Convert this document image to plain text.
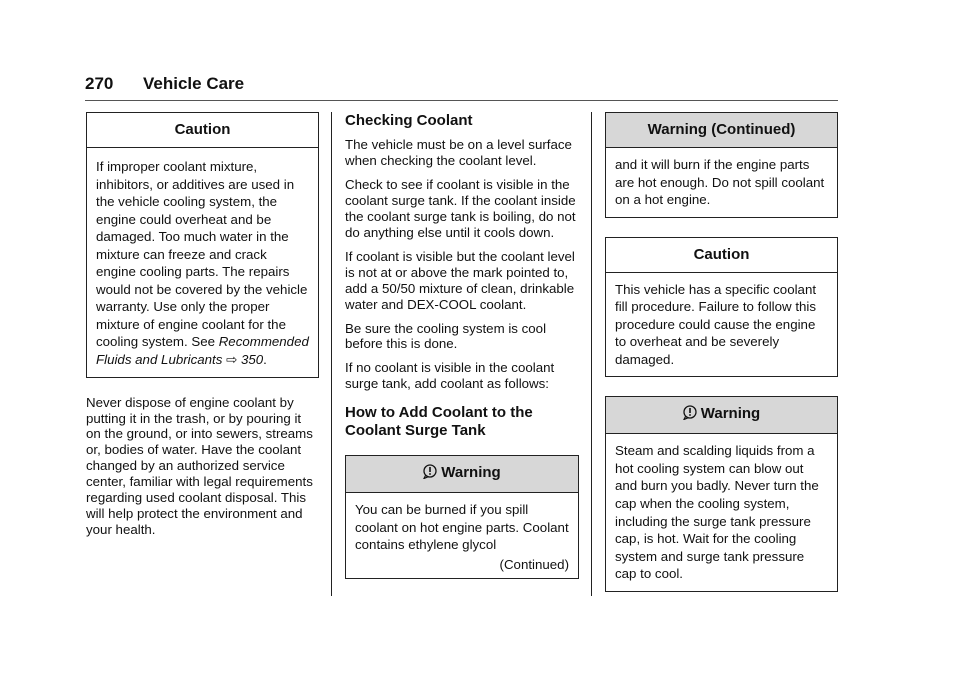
270 Vehicle Care
Caution

If improper coolant mixture, inhibitors, or additives are used in the vehicle cooling system, the engine could overheat and be damaged. Too much water in the mixture can freeze and crack engine cooling parts. The repairs would not be covered by the vehicle warranty. Use only the proper mixture of engine coolant for the cooling system. See Recommended Fluids and Lubricants ⇨ 350.

Never dispose of engine coolant by putting it in the trash, or by pouring it on the ground, or into sewers, streams or, bodies of water. Have the coolant changed by an authorized service center, familiar with legal requirements regarding used coolant disposal. This will help protect the environment and your health.

Checking Coolant

The vehicle must be on a level surface when checking the coolant level.

Check to see if coolant is visible in the coolant surge tank. If the coolant inside the coolant surge tank is boiling, do not do anything else until it cools down.

If coolant is visible but the coolant level is not at or above the mark pointed to, add a 50/50 mixture of clean, drinkable water and DEX-COOL coolant.

Be sure the cooling system is cool before this is done.

If no coolant is visible in the coolant surge tank, add coolant as follows:

How to Add Coolant to the Coolant Surge Tank
Warning

You can be burned if you spill coolant on hot engine parts. Coolant contains ethylene glycol

(Continued)
Warning (Continued)

and it will burn if the engine parts are hot enough. Do not spill coolant on a hot engine.

Caution

This vehicle has a specific coolant fill procedure. Failure to follow this procedure could cause the engine to overheat and be severely damaged.

Warning

Steam and scalding liquids from a hot cooling system can blow out and burn you badly. Never turn the cap when the cooling system, including the surge tank pressure cap, is hot. Wait for the cooling system and surge tank pressure cap to cool.
